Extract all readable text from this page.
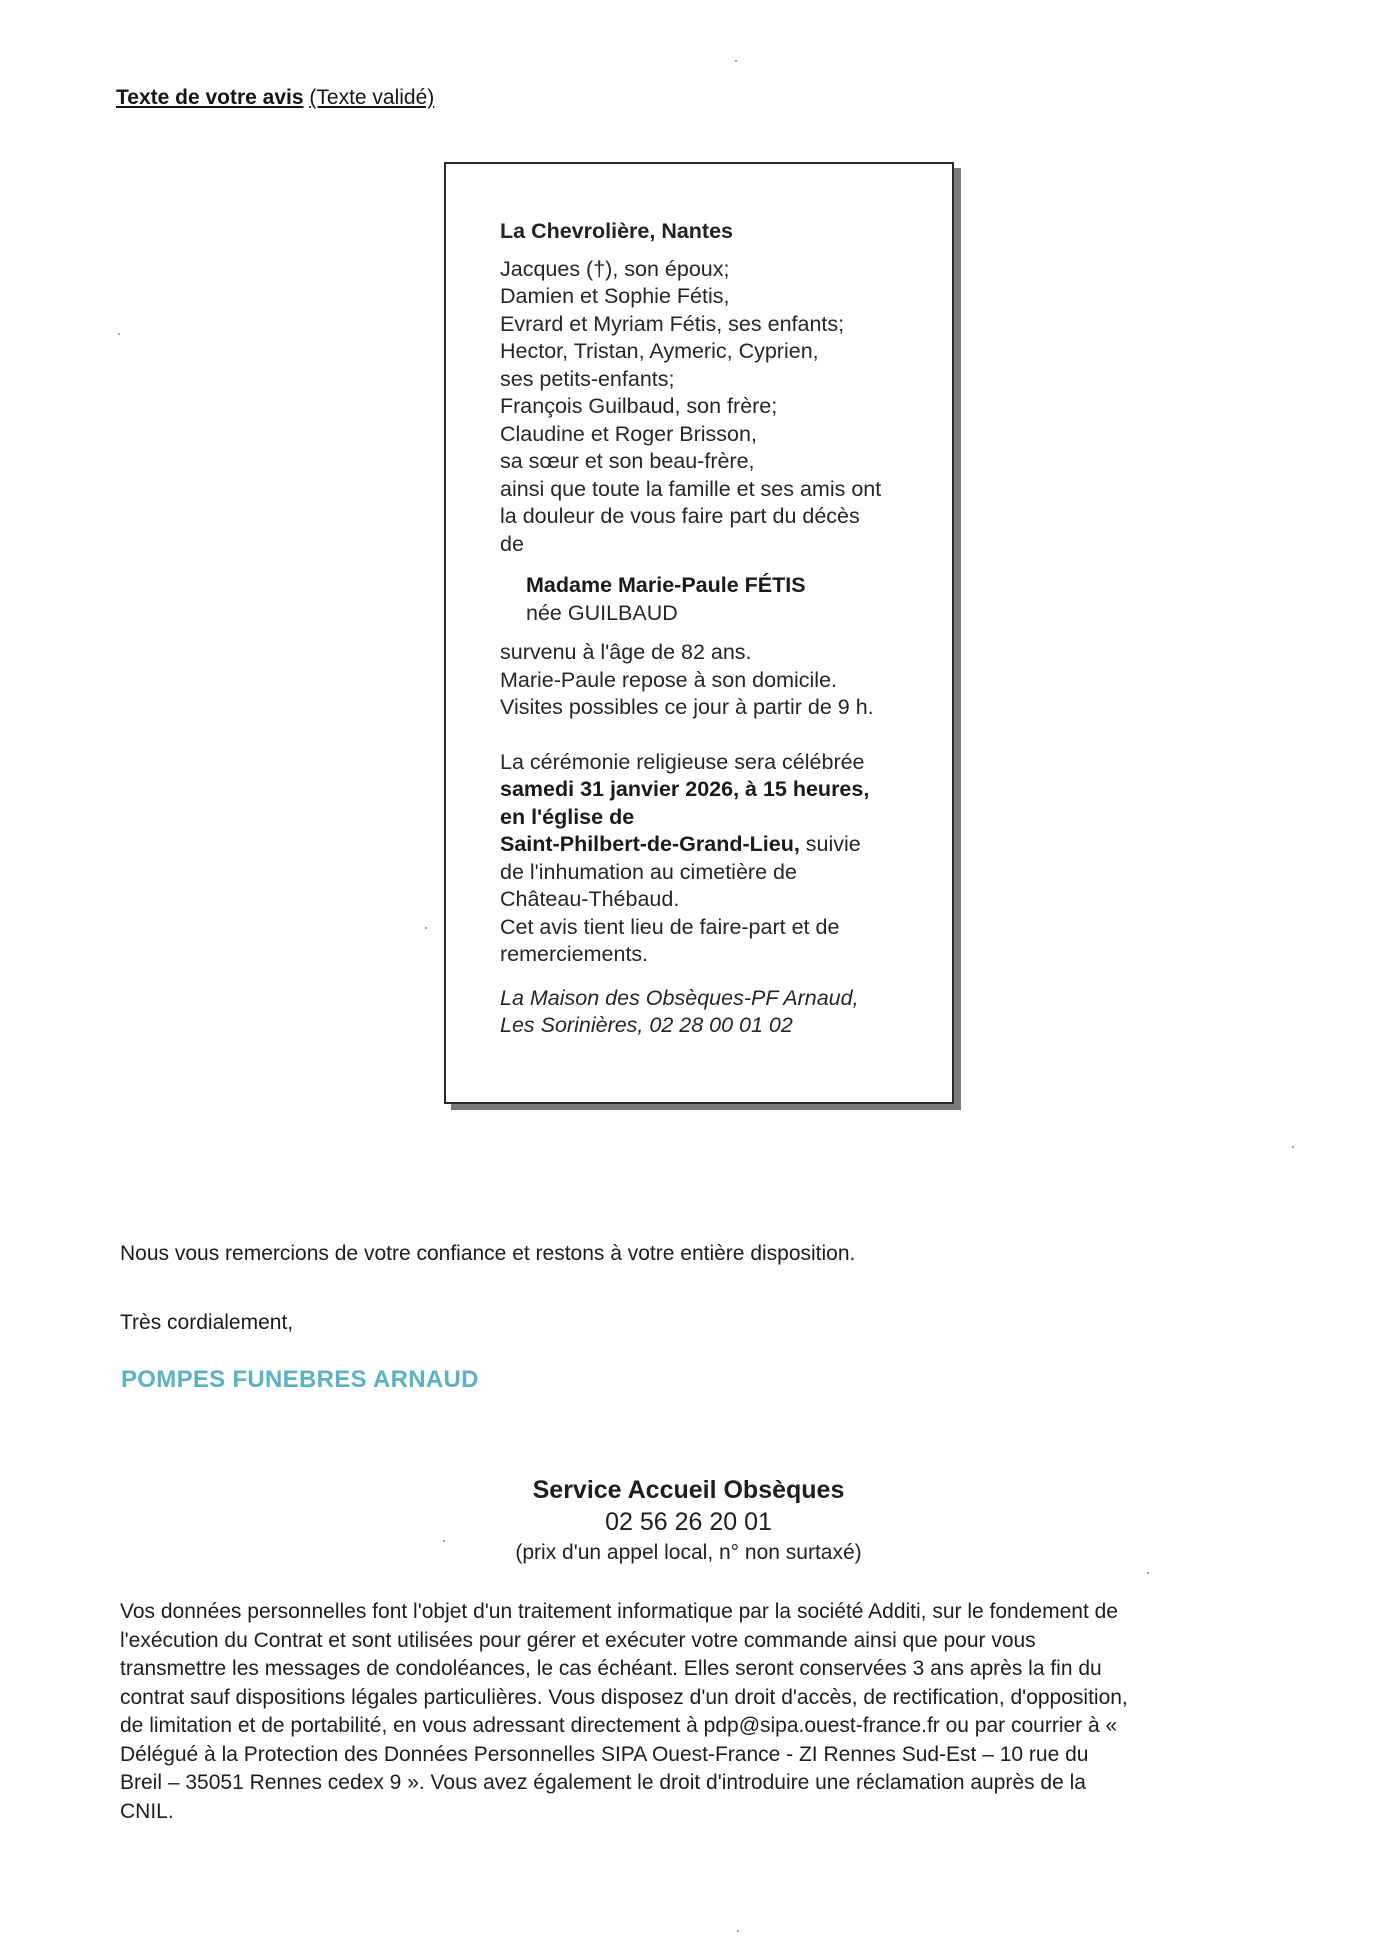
Texte de votre avis (Texte validé)
La Chevrolière, Nantes
Jacques (†), son époux;
Damien et Sophie Fétis,
Evrard et Myriam Fétis, ses enfants;
Hector, Tristan, Aymeric, Cyprien,
ses petits-enfants;
François Guilbaud, son frère;
Claudine et Roger Brisson,
sa sœur et son beau-frère,
ainsi que toute la famille et ses amis ont
la douleur de vous faire part du décès
de
Madame Marie-Paule FÉTIS
née GUILBAUD
survenu à l'âge de 82 ans.
Marie-Paule repose à son domicile.
Visites possibles ce jour à partir de 9 h.
La cérémonie religieuse sera célébrée
samedi 31 janvier 2026, à 15 heures,
en l'église de
Saint-Philbert-de-Grand-Lieu, suivie
de l'inhumation au cimetière de
Château-Thébaud.
Cet avis tient lieu de faire-part et de
remerciements.
La Maison des Obsèques-PF Arnaud,
Les Sorinières, 02 28 00 01 02
Nous vous remercions de votre confiance et restons à votre entière disposition.
Très cordialement,
POMPES FUNEBRES ARNAUD
Service Accueil Obsèques
02 56 26 20 01
(prix d'un appel local, n° non surtaxé)
Vos données personnelles font l'objet d'un traitement informatique par la société Additi, sur le fondement de
l'exécution du Contrat et sont utilisées pour gérer et exécuter votre commande ainsi que pour vous
transmettre les messages de condoléances, le cas échéant. Elles seront conservées 3 ans après la fin du
contrat sauf dispositions légales particulières. Vous disposez d'un droit d'accès, de rectification, d'opposition,
de limitation et de portabilité, en vous adressant directement à pdp@sipa.ouest-france.fr ou par courrier à «
Délégué à la Protection des Données Personnelles SIPA Ouest-France - ZI Rennes Sud-Est – 10 rue du
Breil – 35051 Rennes cedex 9 ». Vous avez également le droit d'introduire une réclamation auprès de la
CNIL.
